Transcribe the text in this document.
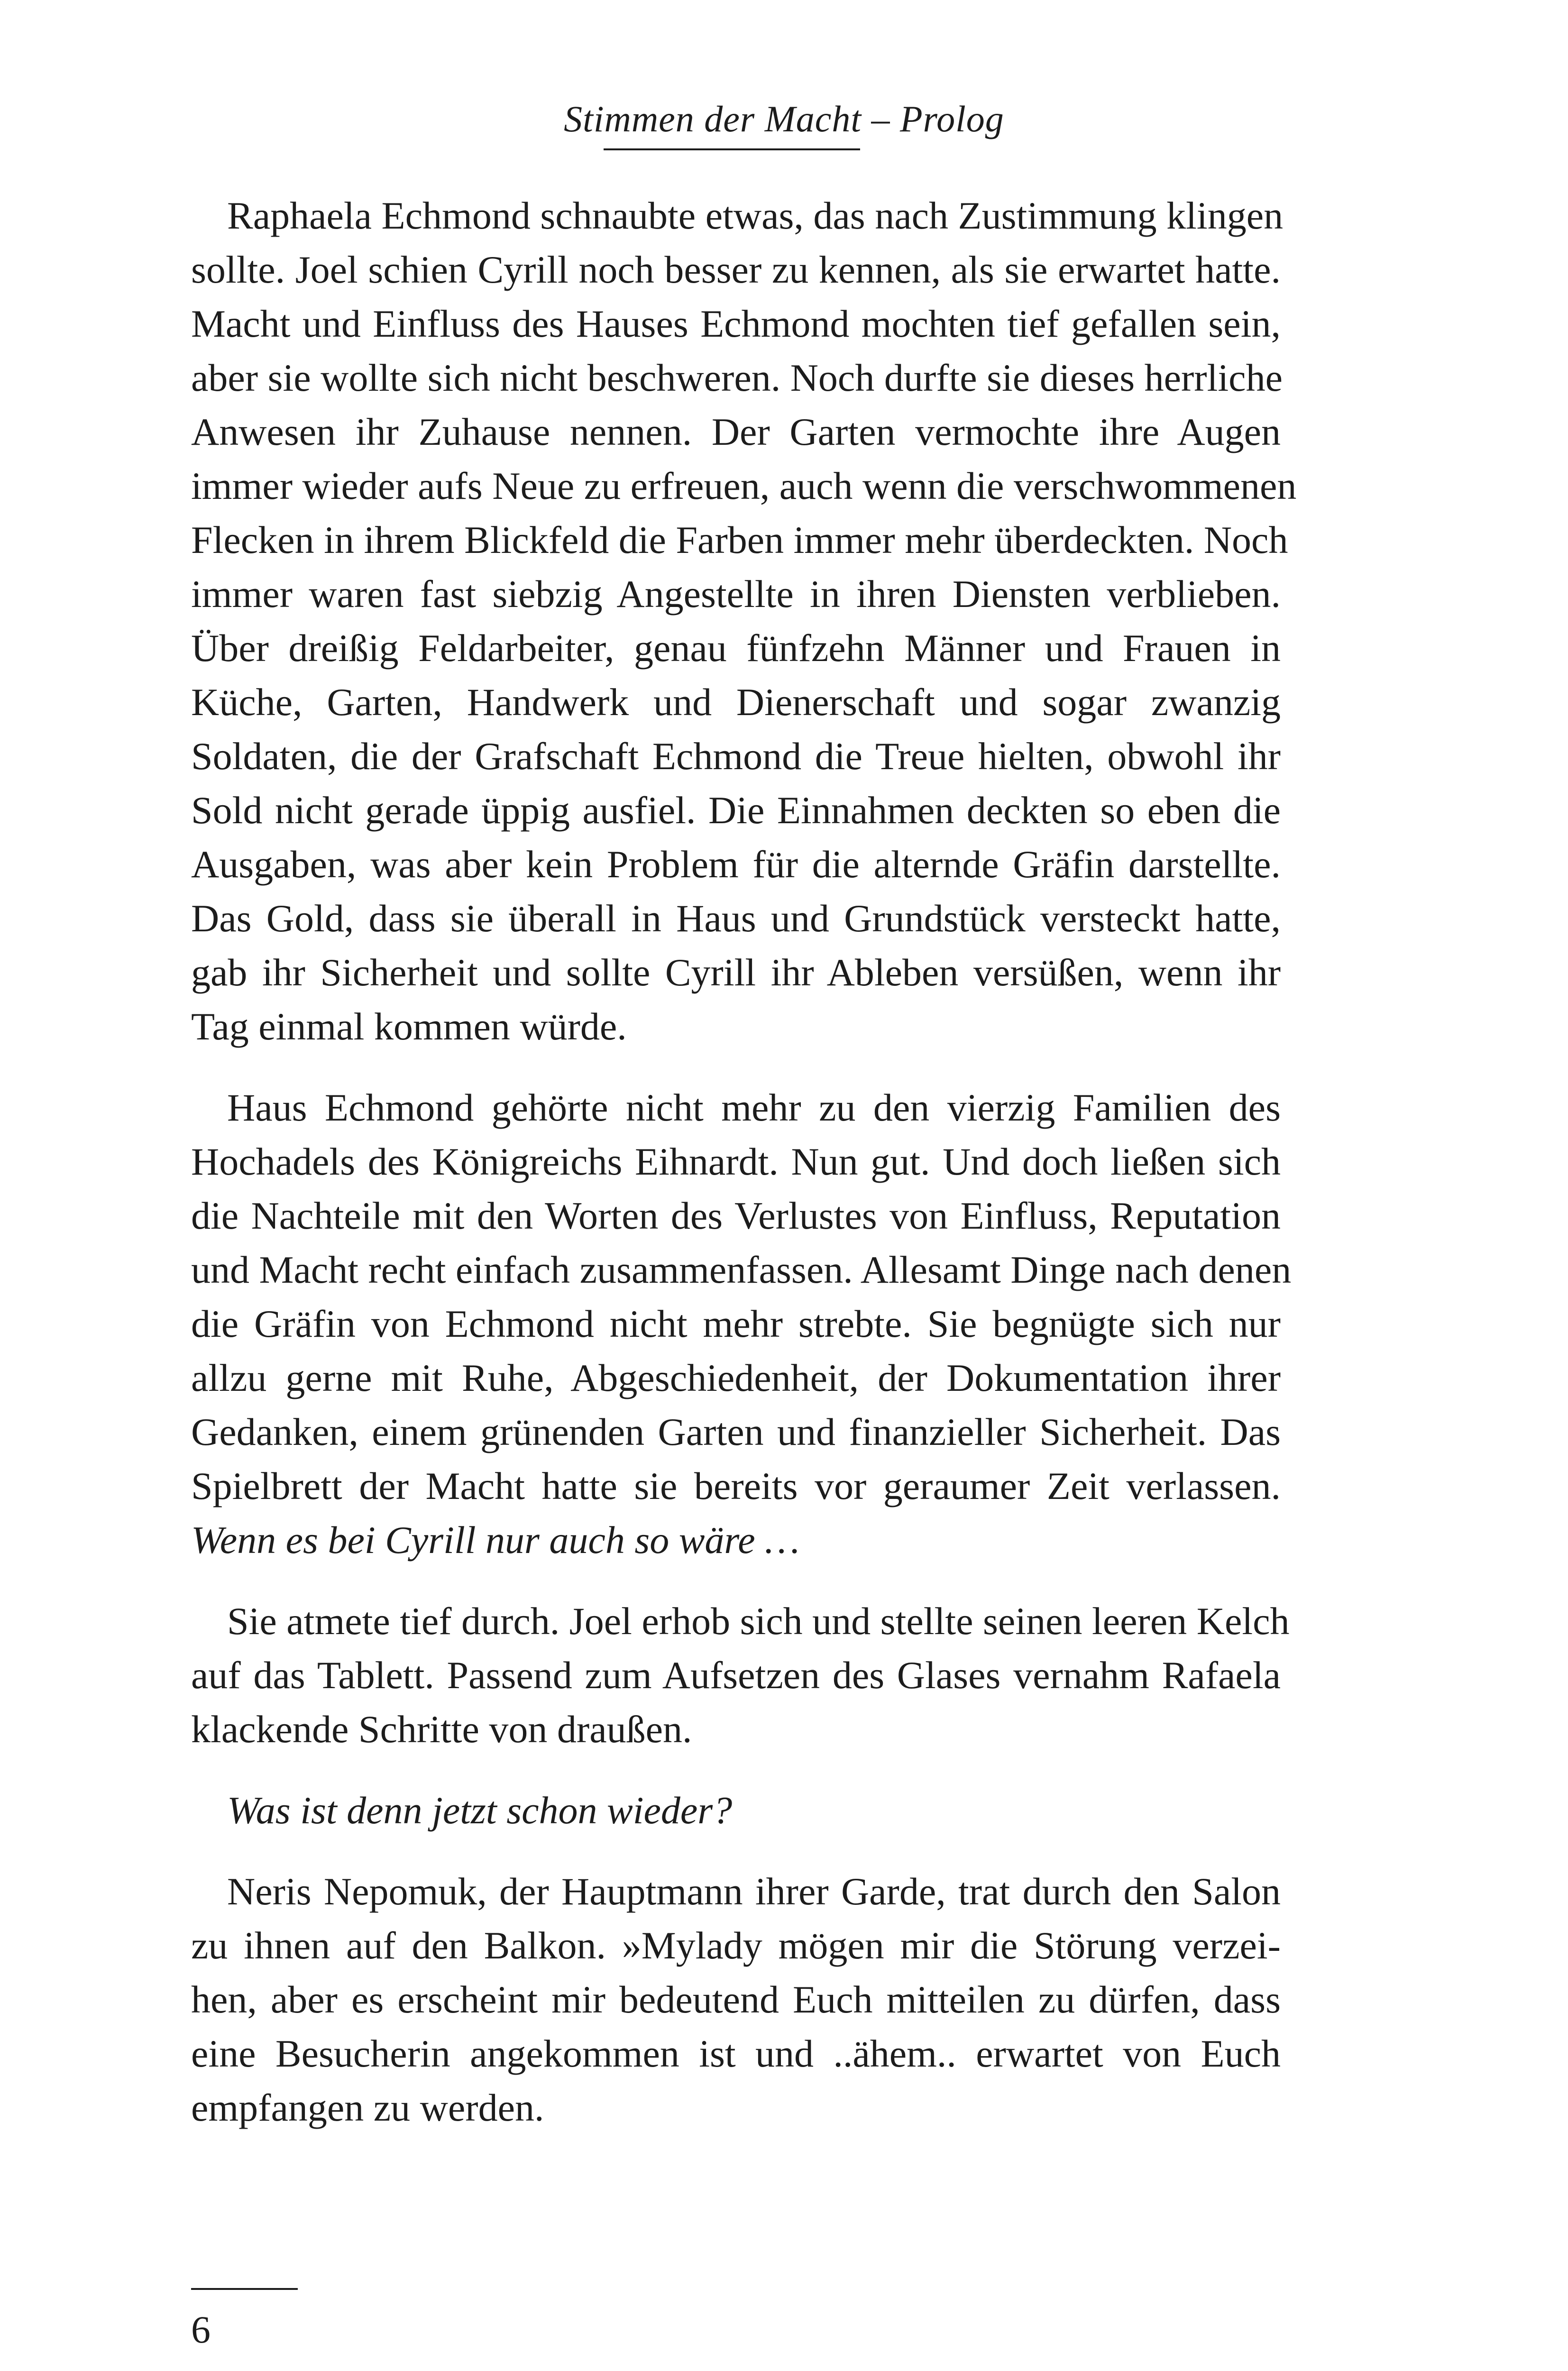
Stimmen der Macht – Prolog
Raphaela Echmond schnaubte etwas, das nach Zustimmung klingen
sollte. Joel schien Cyrill noch besser zu kennen, als sie erwartet hatte.
Macht und Einfluss des Hauses Echmond mochten tief gefallen sein,
aber sie wollte sich nicht beschweren. Noch durfte sie dieses herrliche
Anwesen ihr Zuhause nennen. Der Garten vermochte ihre Augen
immer wieder aufs Neue zu erfreuen, auch wenn die verschwommenen
Flecken in ihrem Blickfeld die Farben immer mehr überdeckten. Noch
immer waren fast siebzig Angestellte in ihren Diensten verblieben.
Über dreißig Feldarbeiter, genau fünfzehn Männer und Frauen in
Küche, Garten, Handwerk und Dienerschaft und sogar zwanzig
Soldaten, die der Grafschaft Echmond die Treue hielten, obwohl ihr
Sold nicht gerade üppig ausfiel. Die Einnahmen deckten so eben die
Ausgaben, was aber kein Problem für die alternde Gräfin darstellte.
Das Gold, dass sie überall in Haus und Grundstück versteckt hatte,
gab ihr Sicherheit und sollte Cyrill ihr Ableben versüßen, wenn ihr
Tag einmal kommen würde.
Haus Echmond gehörte nicht mehr zu den vierzig Familien des
Hochadels des Königreichs Eihnardt. Nun gut. Und doch ließen sich
die Nachteile mit den Worten des Verlustes von Einfluss, Reputation
und Macht recht einfach zusammenfassen. Allesamt Dinge nach denen
die Gräfin von Echmond nicht mehr strebte. Sie begnügte sich nur
allzu gerne mit Ruhe, Abgeschiedenheit, der Dokumentation ihrer
Gedanken, einem grünenden Garten und finanzieller Sicherheit. Das
Spielbrett der Macht hatte sie bereits vor geraumer Zeit verlassen.
Wenn es bei Cyrill nur auch so wäre …
Sie atmete tief durch. Joel erhob sich und stellte seinen leeren Kelch
auf das Tablett. Passend zum Aufsetzen des Glases vernahm Rafaela
klackende Schritte von draußen.
Was ist denn jetzt schon wieder?
Neris Nepomuk, der Hauptmann ihrer Garde, trat durch den Salon
zu ihnen auf den Balkon. »Mylady mögen mir die Störung verzei-
hen, aber es erscheint mir bedeutend Euch mitteilen zu dürfen, dass
eine Besucherin angekommen ist und ..ähem.. erwartet von Euch
empfangen zu werden.
6
